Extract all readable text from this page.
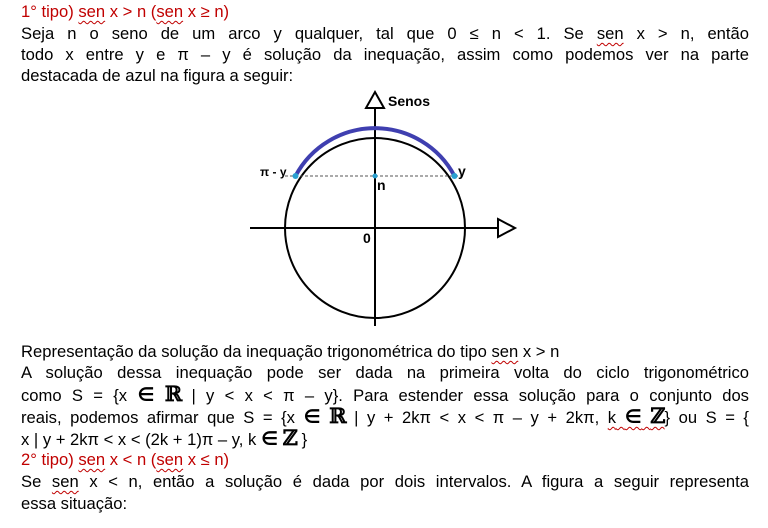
1° tipo) sen x > n (sen x ≥ n)
Seja n o seno de um arco y qualquer, tal que 0 ≤ n < 1. Se sen x > n, então
todo x entre y e π – y é solução da inequação, assim como podemos ver na parte
destacada de azul na figura a seguir:
Senos
π - y	y
n
0
Representação da solução da inequação trigonométrica do tipo sen x > n
A solução dessa inequação pode ser dada na primeira volta do ciclo trigonométrico
como S = {x ∈ ℝ | y < x < π – y}. Para estender essa solução para o conjunto dos
reais, podemos afirmar que S = {x ∈ ℝ | y + 2kπ < x < π – y + 2kπ, k ∈ ℤ} ou S = {
x | y + 2kπ < x < (2k + 1)π – y, k ∈ ℤ }
2° tipo) sen x < n (sen x ≤ n)
Se sen x < n, então a solução é dada por dois intervalos. A figura a seguir representa
essa situação:
